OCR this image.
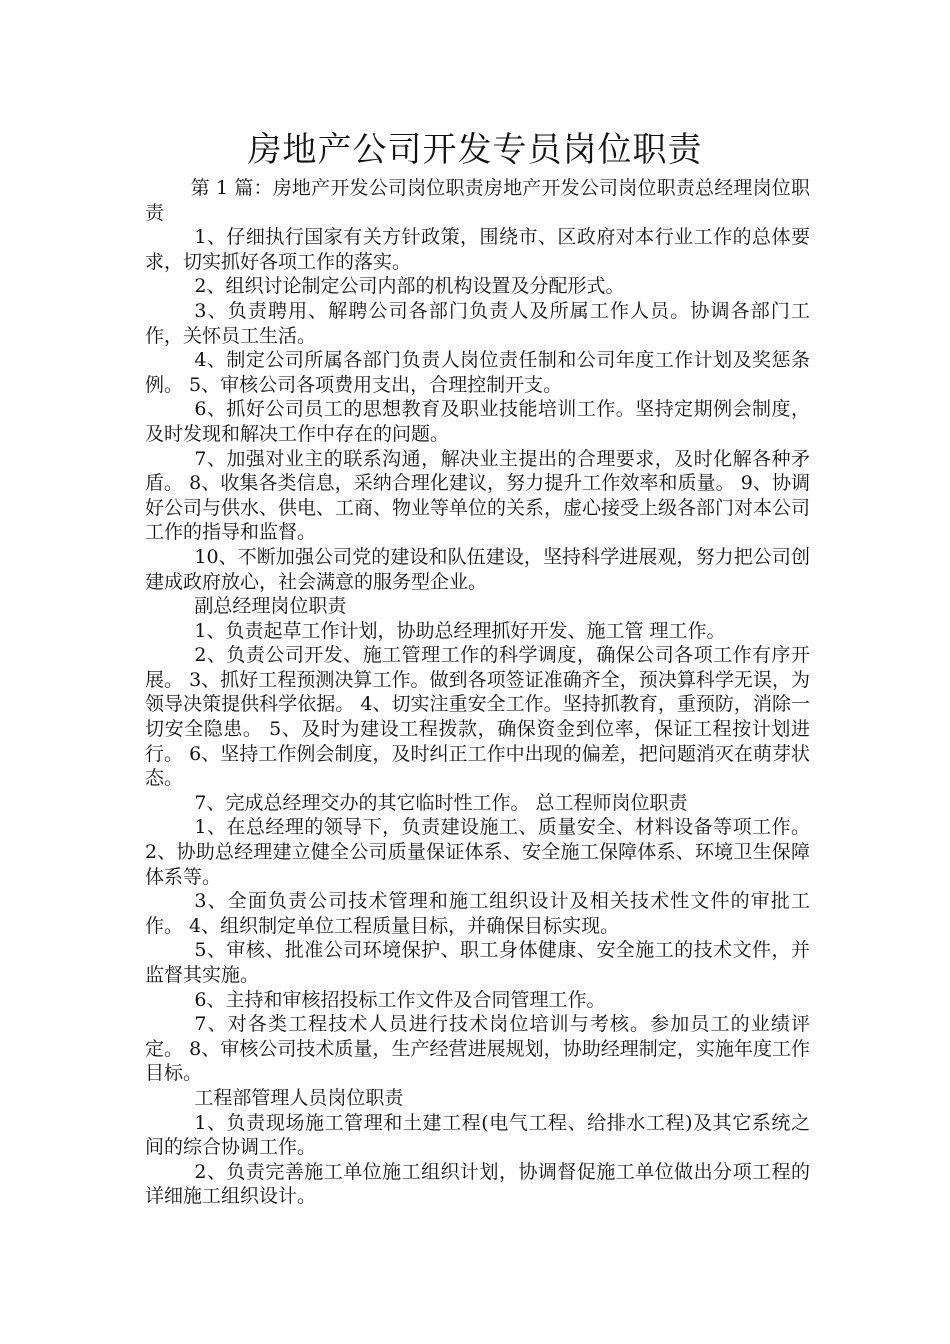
房地产公司开发专员岗位职责

第 1 篇：房地产开发公司岗位职责房地产开发公司岗位职责总经理岗位职责

1、仔细执行国家有关方针政策，围绕市、区政府对本行业工作的总体要求，切实抓好各项工作的落实。

2、组织讨论制定公司内部的机构设置及分配形式。

3、负责聘用、解聘公司各部门负责人及所属工作人员。协调各部门工作，关怀员工生活。

4、制定公司所属各部门负责人岗位责任制和公司年度工作计划及奖惩条例。 5、审核公司各项费用支出，合理控制开支。

6、抓好公司员工的思想教育及职业技能培训工作。坚持定期例会制度，及时发现和解决工作中存在的问题。

7、加强对业主的联系沟通，解决业主提出的合理要求，及时化解各种矛盾。 8、收集各类信息，采纳合理化建议，努力提升工作效率和质量。 9、协调好公司与供水、供电、工商、物业等单位的关系，虚心接受上级各部门对本公司工作的指导和监督。

10、不断加强公司党的建设和队伍建设，坚持科学进展观，努力把公司创建成政府放心，社会满意的服务型企业。

副总经理岗位职责

1、负责起草工作计划，协助总经理抓好开发、施工管 理工作。

2、负责公司开发、施工管理工作的科学调度，确保公司各项工作有序开展。 3、抓好工程预测决算工作。做到各项签证准确齐全，预决算科学无误，为领导决策提供科学依据。 4、切实注重安全工作。坚持抓教育，重预防，消除一切安全隐患。 5、及时为建设工程拨款，确保资金到位率，保证工程按计划进行。 6、坚持工作例会制度，及时纠正工作中出现的偏差，把问题消灭在萌芽状态。

7、完成总经理交办的其它临时性工作。 总工程师岗位职责

1、在总经理的领导下，负责建设施工、质量安全、材料设备等项工作。 2、协助总经理建立健全公司质量保证体系、安全施工保障体系、环境卫生保障体系等。

3、全面负责公司技术管理和施工组织设计及相关技术性文件的审批工作。 4、组织制定单位工程质量目标，并确保目标实现。

5、审核、批准公司环境保护、职工身体健康、安全施工的技术文件，并监督其实施。

6、主持和审核招投标工作文件及合同管理工作。

7、对各类工程技术人员进行技术岗位培训与考核。参加员工的业绩评定。 8、审核公司技术质量，生产经营进展规划，协助经理制定，实施年度工作目标。

工程部管理人员岗位职责

1、负责现场施工管理和土建工程(电气工程、给排水工程)及其它系统之间的综合协调工作。

2、负责完善施工单位施工组织计划，协调督促施工单位做出分项工程的详细施工组织设计。
